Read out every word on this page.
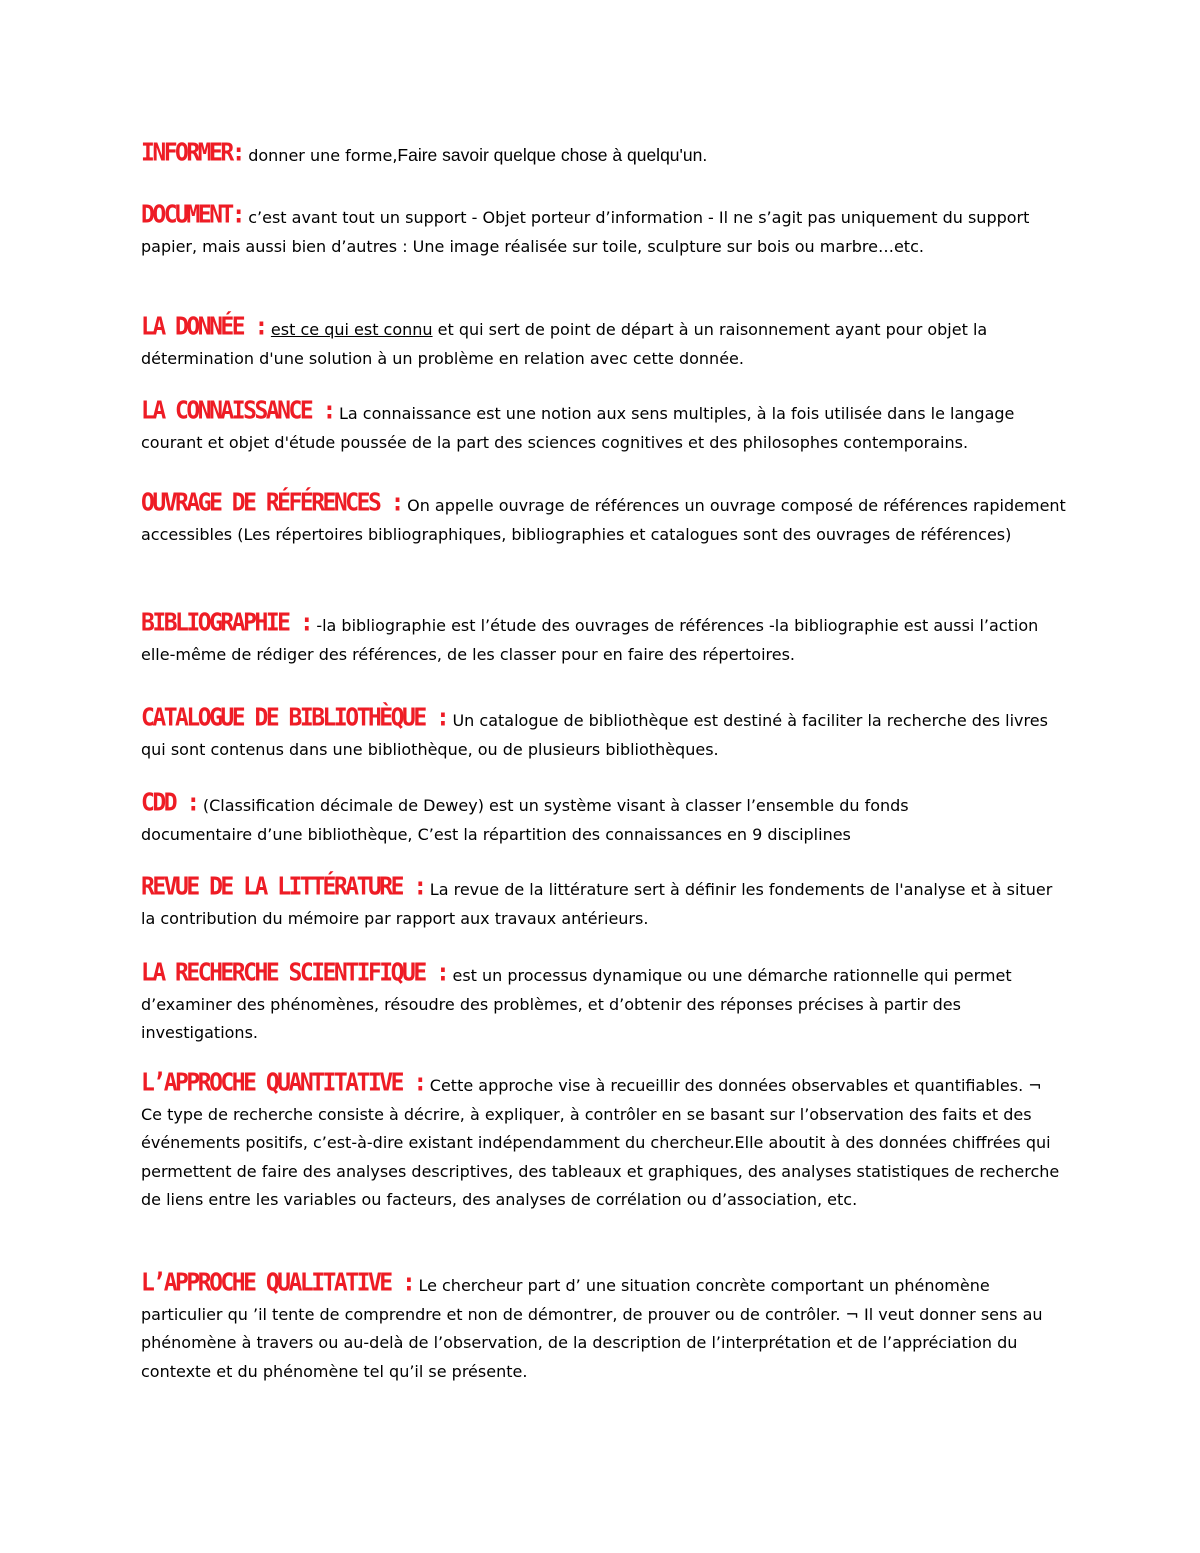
INFORMER: donner une forme,Faire savoir quelque chose à quelqu'un.

DOCUMENT: c’est avant tout un support - Objet porteur d’information - Il ne s’agit pas uniquement du support papier, mais aussi bien d’autres : Une image réalisée sur toile, sculpture sur bois ou marbre…etc.

LA DONNÉE : est ce qui est connu et qui sert de point de départ à un raisonnement ayant pour objet la détermination d'une solution à un problème en relation avec cette donnée.

LA CONNAISSANCE : La connaissance est une notion aux sens multiples, à la fois utilisée dans le langage courant et objet d'étude poussée de la part des sciences cognitives et des philosophes contemporains.

OUVRAGE DE RÉFÉRENCES : On appelle ouvrage de références un ouvrage composé de références rapidement accessibles (Les répertoires bibliographiques, bibliographies et catalogues sont des ouvrages de références)

BIBLIOGRAPHIE : -la bibliographie est l’étude des ouvrages de références -la bibliographie est aussi l’action elle-même de rédiger des références, de les classer pour en faire des répertoires.

CATALOGUE DE BIBLIOTHÈQUE : Un catalogue de bibliothèque est destiné à faciliter la recherche des livres qui sont contenus dans une bibliothèque, ou de plusieurs bibliothèques.

CDD : (Classification décimale de Dewey) est un système visant à classer l’ensemble du fonds documentaire d’une bibliothèque, C’est la répartition des connaissances en 9 disciplines

REVUE DE LA LITTÉRATURE : La revue de la littérature sert à définir les fondements de l'analyse et à situer la contribution du mémoire par rapport aux travaux antérieurs.

LA RECHERCHE SCIENTIFIQUE : est un processus dynamique ou une démarche rationnelle qui permet d’examiner des phénomènes, résoudre des problèmes, et d’obtenir des réponses précises à partir des investigations.

L’APPROCHE QUANTITATIVE : Cette approche vise à recueillir des données observables et quantifiables. ¬ Ce type de recherche consiste à décrire, à expliquer, à contrôler en se basant sur l’observation des faits et des événements positifs, c’est-à-dire existant indépendamment du chercheur.Elle aboutit à des données chiffrées qui permettent de faire des analyses descriptives, des tableaux et graphiques, des analyses statistiques de recherche de liens entre les variables ou facteurs, des analyses de corrélation ou d’association, etc.

L’APPROCHE QUALITATIVE : Le chercheur part d’ une situation concrète comportant un phénomène particulier qu ’il tente de comprendre et non de démontrer, de prouver ou de contrôler. ¬ Il veut donner sens au phénomène à travers ou au-delà de l’observation, de la description de l’interprétation et de l’appréciation du contexte et du phénomène tel qu’il se présente.
